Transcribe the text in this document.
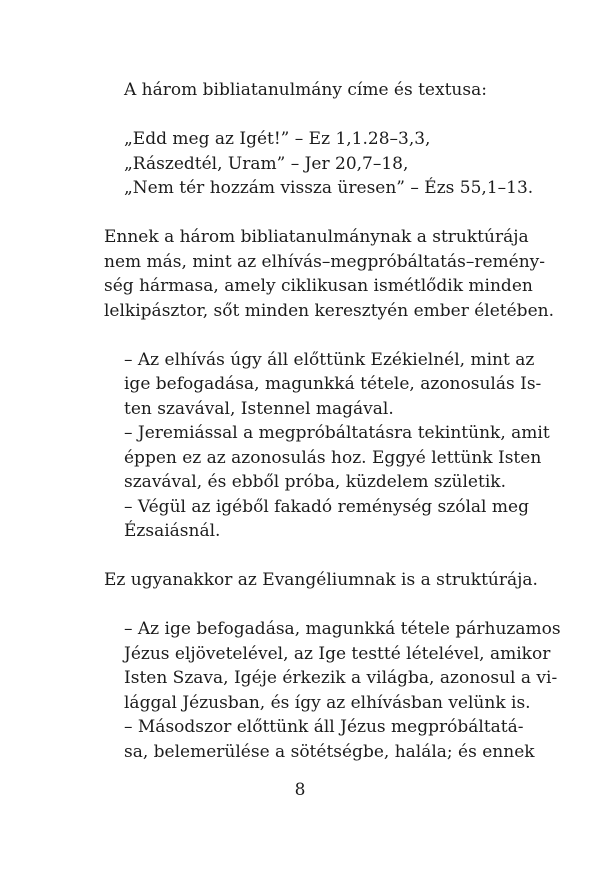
A három bibliatanulmány címe és textusa:

„Edd meg az Igét!” – Ez 1,1.28–3,3,

„Rászedtél, Uram” – Jer 20,7–18,

„Nem tér hozzám vissza üresen” – Ézs 55,1–13.

Ennek a három bibliatanulmánynak a struktúrája

nem más, mint az elhívás–megpróbáltatás–remény-

ség hármasa, amely ciklikusan ismétlődik minden

lelkipásztor, sőt minden keresztyén ember életében.

– Az elhívás úgy áll előttünk Ezékielnél, mint az

ige befogadása, magunkká tétele, azonosulás Is-

ten szavával, Istennel magával.

– Jeremiással a megpróbáltatásra tekintünk, amit

éppen ez az azonosulás hoz. Eggyé lettünk Isten

szavával, és ebből próba, küzdelem születik.

– Végül az igéből fakadó reménység szólal meg

Ézsaiásnál.

Ez ugyanakkor az Evangéliumnak is a struktúrája.

– Az ige befogadása, magunkká tétele párhuzamos

Jézus eljövetelével, az Ige testté lételével, amikor

Isten Szava, Igéje érkezik a világba, azonosul a vi-

lággal Jézusban, és így az elhívásban velünk is.

– Másodszor előttünk áll Jézus megpróbáltatá-

sa, belemerülése a sötétségbe, halála; és ennek

8
